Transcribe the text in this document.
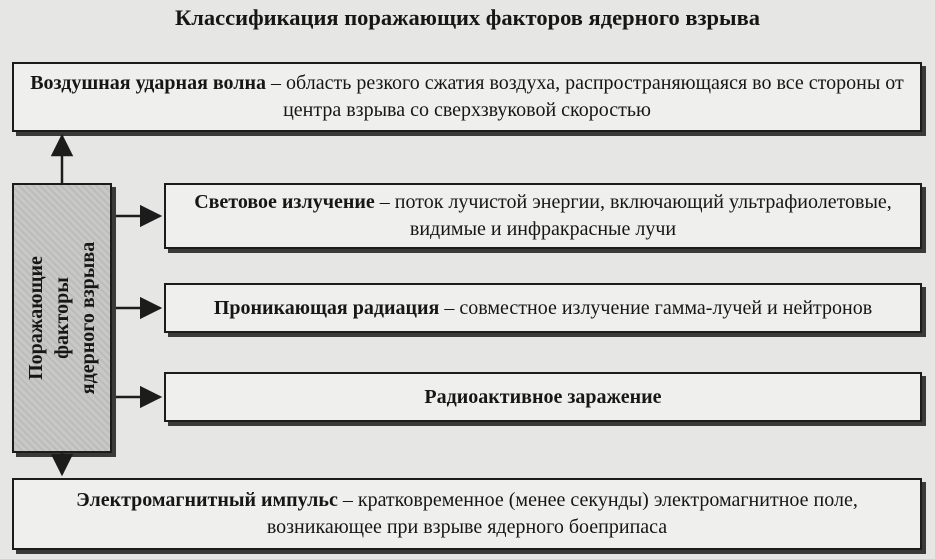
Классификация поражающих факторов ядерного взрыва
Воздушная ударная волна – область резкого сжатия воздуха, распространяющаяся во все стороны от центра взрыва со сверхзвуковой скоростью
Световое излучение – поток лучистой энергии, включающий ультрафиолетовые, видимые и инфракрасные лучи
Проникающая радиация – совместное излучение гамма-лучей и нейтронов
Радиоактивное заражение
Поражающие факторы ядерного взрыва
Электромагнитный импульс – кратковременное (менее секунды) электромагнитное поле, возникающее при взрыве ядерного боеприпаса
